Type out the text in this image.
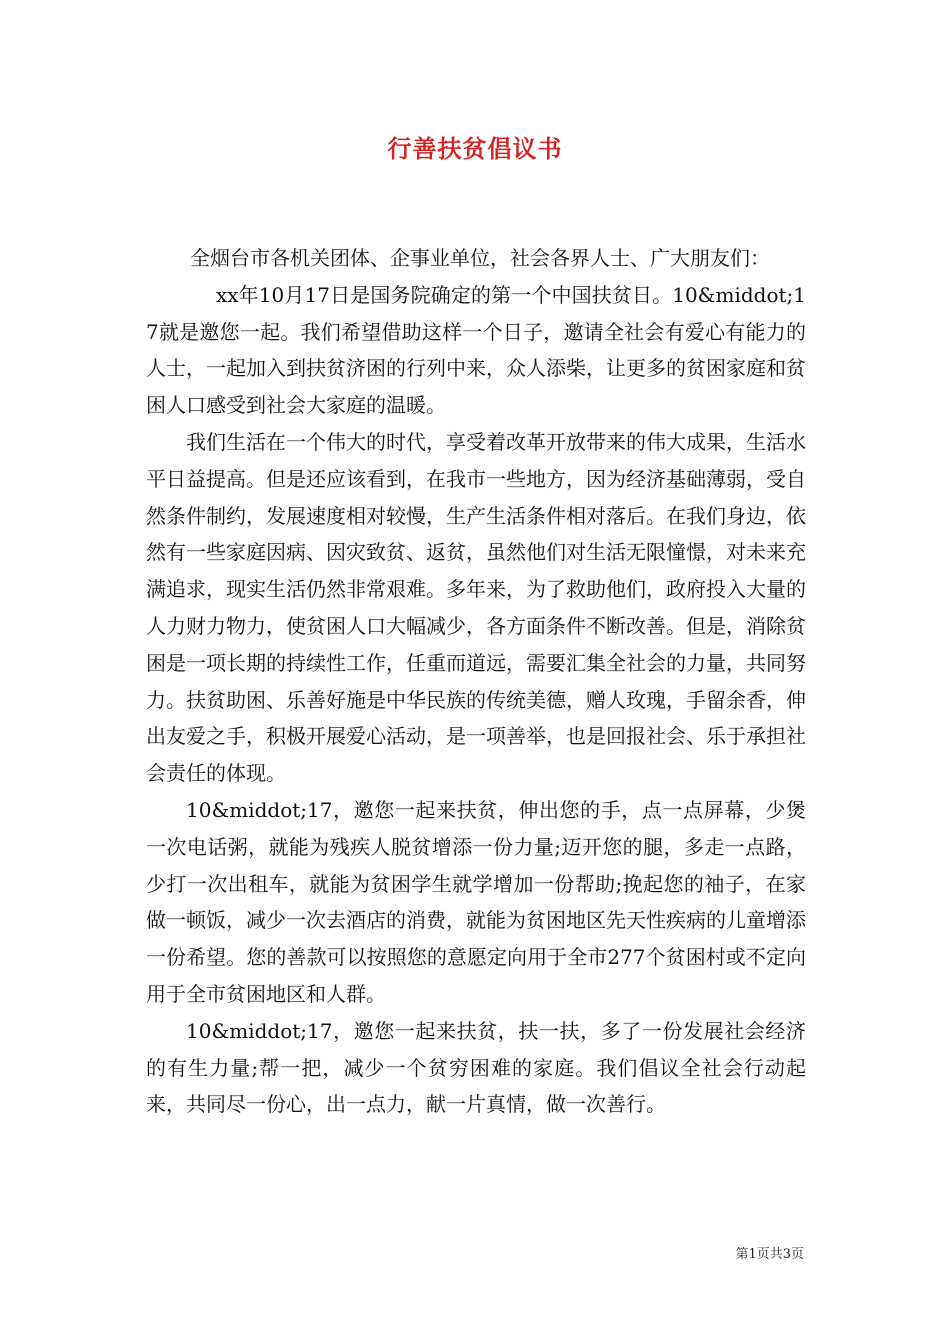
行善扶贫倡议书

全烟台市各机关团体、企事业单位，社会各界人士、广大朋友们：

xx年10月17日是国务院确定的第一个中国扶贫日。10&middot;17就是邀您一起。我们希望借助这样一个日子，邀请全社会有爱心有能力的人士，一起加入到扶贫济困的行列中来，众人添柴，让更多的贫困家庭和贫困人口感受到社会大家庭的温暖。

我们生活在一个伟大的时代，享受着改革开放带来的伟大成果，生活水平日益提高。但是还应该看到，在我市一些地方，因为经济基础薄弱，受自然条件制约，发展速度相对较慢，生产生活条件相对落后。在我们身边，依然有一些家庭因病、因灾致贫、返贫，虽然他们对生活无限憧憬，对未来充满追求，现实生活仍然非常艰难。多年来，为了救助他们，政府投入大量的人力财力物力，使贫困人口大幅减少，各方面条件不断改善。但是，消除贫困是一项长期的持续性工作，任重而道远，需要汇集全社会的力量，共同努力。扶贫助困、乐善好施是中华民族的传统美德，赠人玫瑰，手留余香，伸出友爱之手，积极开展爱心活动，是一项善举，也是回报社会、乐于承担社会责任的体现。

10&middot;17，邀您一起来扶贫，伸出您的手，点一点屏幕，少煲一次电话粥，就能为残疾人脱贫增添一份力量;迈开您的腿，多走一点路，少打一次出租车，就能为贫困学生就学增加一份帮助;挽起您的袖子，在家做一顿饭，减少一次去酒店的消费，就能为贫困地区先天性疾病的儿童增添一份希望。您的善款可以按照您的意愿定向用于全市277个贫困村或不定向用于全市贫困地区和人群。

10&middot;17，邀您一起来扶贫，扶一扶，多了一份发展社会经济的有生力量;帮一把，减少一个贫穷困难的家庭。我们倡议全社会行动起来，共同尽一份心，出一点力，献一片真情，做一次善行。

第1页共3页
